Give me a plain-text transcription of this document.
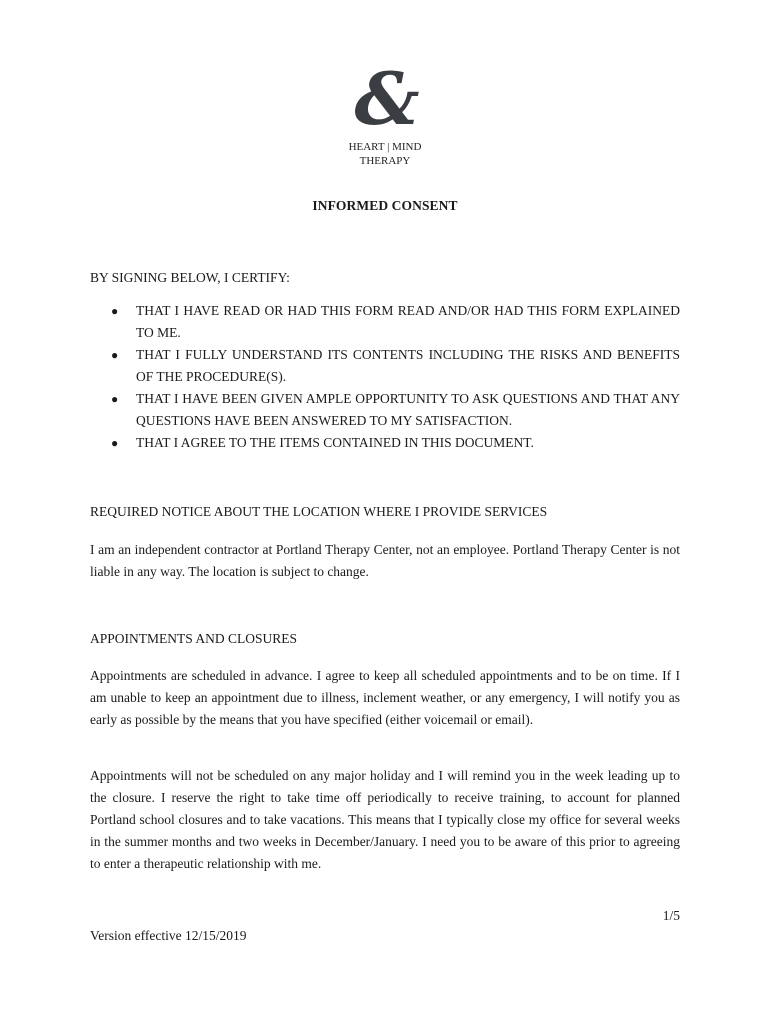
&
HEART | MIND
THERAPY
INFORMED CONSENT
BY SIGNING BELOW, I CERTIFY:
● THAT I HAVE READ OR HAD THIS FORM READ AND/OR HAD THIS FORM EXPLAINED TO ME.
● THAT I FULLY UNDERSTAND ITS CONTENTS INCLUDING THE RISKS AND BENEFITS OF THE PROCEDURE(S).
● THAT I HAVE BEEN GIVEN AMPLE OPPORTUNITY TO ASK QUESTIONS AND THAT ANY QUESTIONS HAVE BEEN ANSWERED TO MY SATISFACTION.
● THAT I AGREE TO THE ITEMS CONTAINED IN THIS DOCUMENT.
REQUIRED NOTICE ABOUT THE LOCATION WHERE I PROVIDE SERVICES

I am an independent contractor at Portland Therapy Center, not an employee. Portland Therapy Center is not liable in any way. The location is subject to change.

APPOINTMENTS AND CLOSURES

Appointments are scheduled in advance. I agree to keep all scheduled appointments and to be on time. If I am unable to keep an appointment due to illness, inclement weather, or any emergency, I will notify you as early as possible by the means that you have specified (either voicemail or email).

Appointments will not be scheduled on any major holiday and I will remind you in the week leading up to the closure. I reserve the right to take time off periodically to receive training, to account for planned Portland school closures and to take vacations. This means that I typically close my office for several weeks in the summer months and two weeks in December/January. I need you to be aware of this prior to agreeing to enter a therapeutic relationship with me.

1/5
Version effective 12/15/2019
